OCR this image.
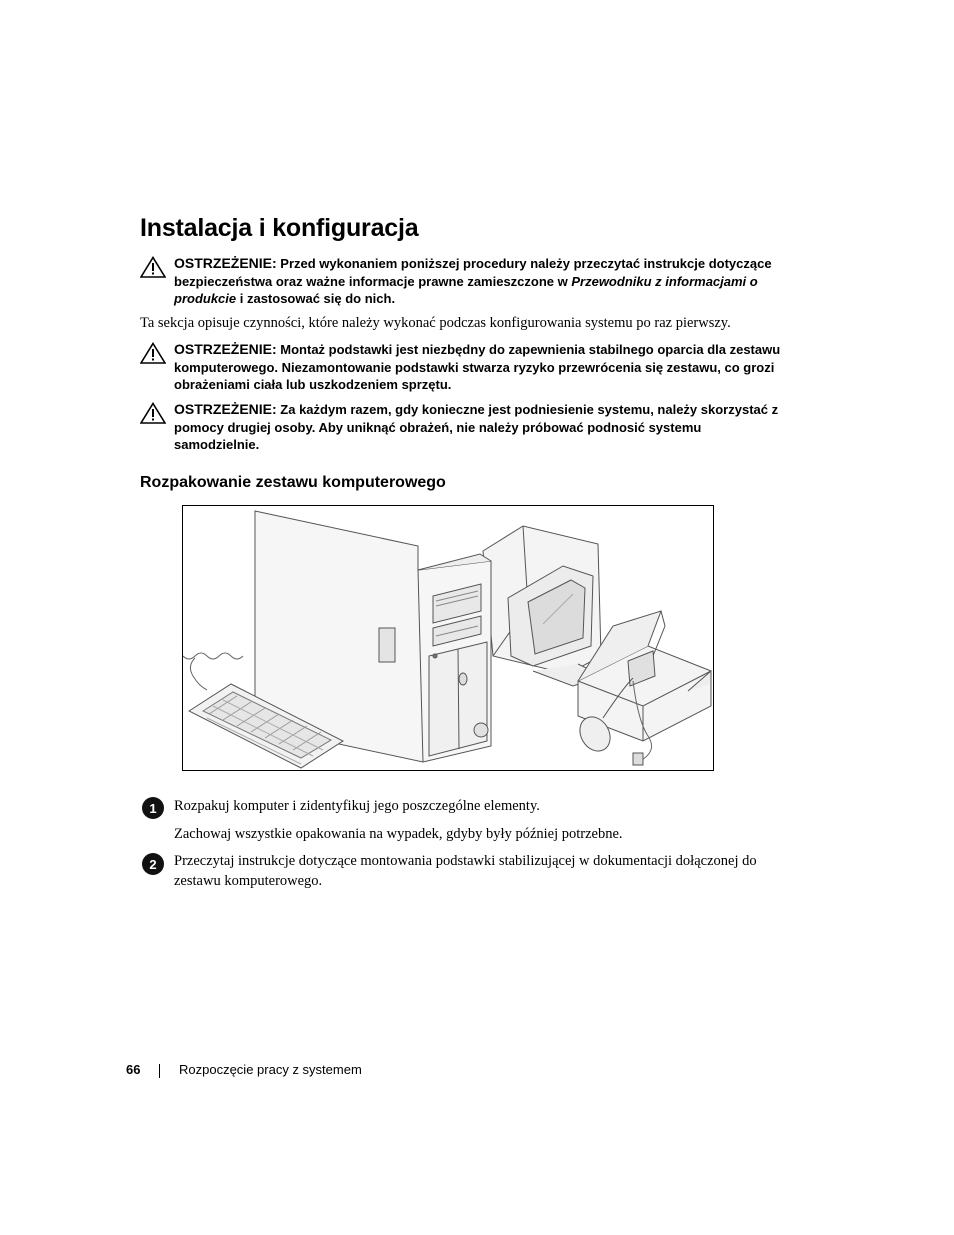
Instalacja i konfiguracja
OSTRZEŻENIE: Przed wykonaniem poniższej procedury należy przeczytać instrukcje dotyczące bezpieczeństwa oraz ważne informacje prawne zamieszczone w Przewodniku z informacjami o produkcie i zastosować się do nich.

Ta sekcja opisuje czynności, które należy wykonać podczas konfigurowania systemu po raz pierwszy.

OSTRZEŻENIE: Montaż podstawki jest niezbędny do zapewnienia stabilnego oparcia dla zestawu komputerowego. Niezamontowanie podstawki stwarza ryzyko przewrócenia się zestawu, co grozi obrażeniami ciała lub uszkodzeniem sprzętu.
OSTRZEŻENIE: Za każdym razem, gdy konieczne jest podniesienie systemu, należy skorzystać z pomocy drugiej osoby. Aby uniknąć obrażeń, nie należy próbować podnosić systemu samodzielnie.
Rozpakowanie zestawu komputerowego
1	Rozpakuj komputer i zidentyfikuj jego poszczególne elementy.

Zachowaj wszystkie opakowania na wypadek, gdyby były później potrzebne.

2	Przeczytaj instrukcje dotyczące montowania podstawki stabilizującej w dokumentacji dołączonej do zestawu komputerowego.

66	Rozpoczęcie pracy z systemem
